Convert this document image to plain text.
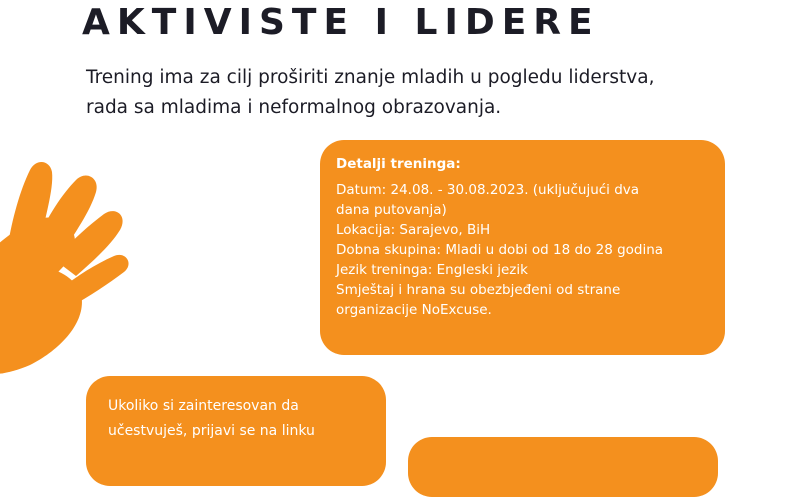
AKTIVISTE I LIDERE
Trening ima za cilj proširiti znanje mladih u pogledu liderstva,
rada sa mladima i neformalnog obrazovanja.
Detalji treninga:
Datum: 24.08. - 30.08.2023. (uključujući dva
dana putovanja)
Lokacija: Sarajevo, BiH
Dobna skupina: Mladi u dobi od 18 do 28 godina
Jezik treninga: Engleski jezik
Smještaj i hrana su obezbjeđeni od strane
organizacije NoExcuse.
Ukoliko si zainteresovan da
učestvuješ, prijavi se na linku
